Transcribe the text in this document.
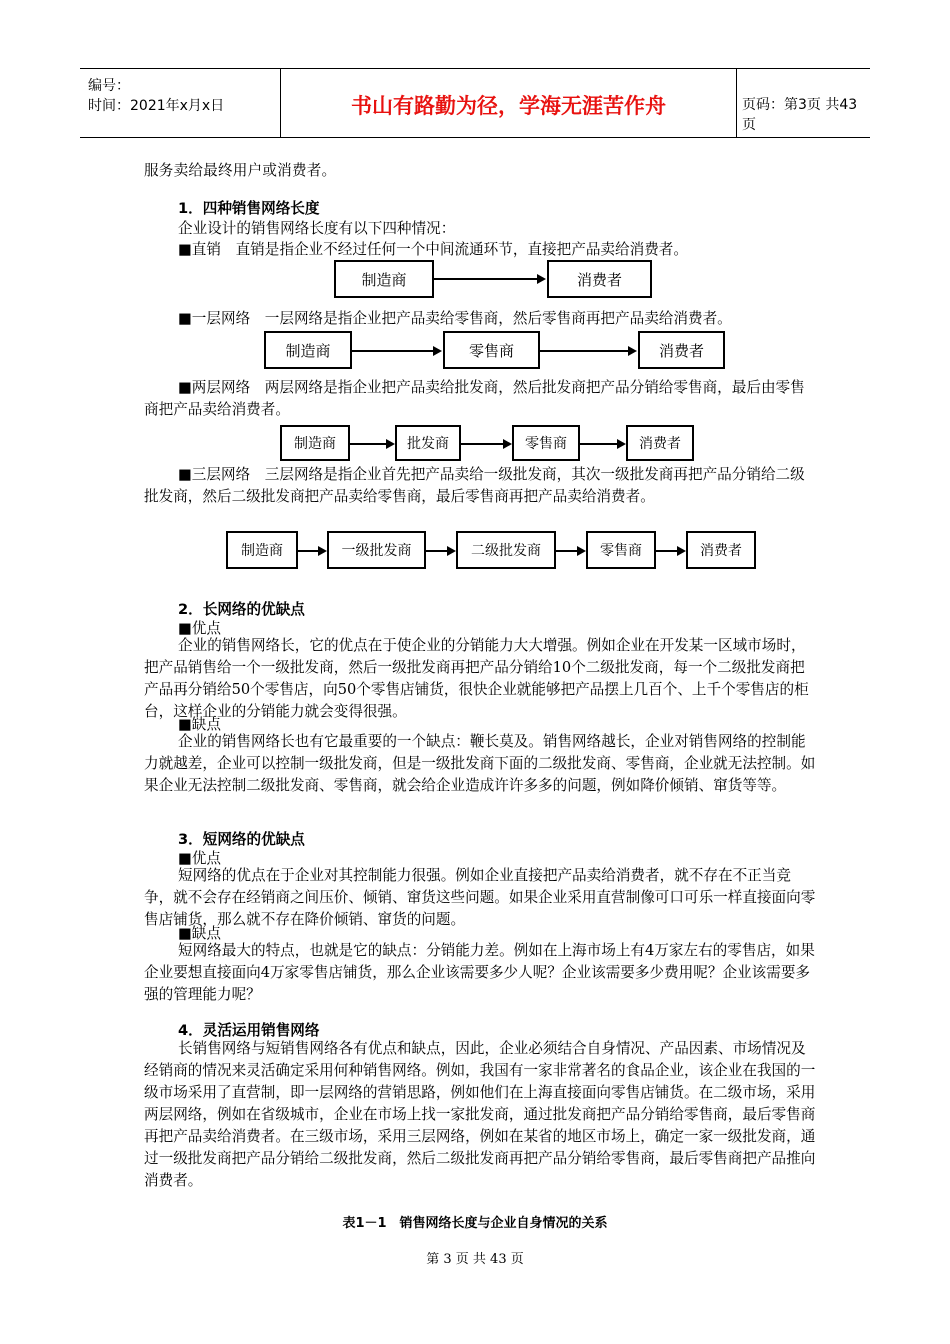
编号：
时间：2021年x月x日	书山有路勤为径，学海无涯苦作舟	页码：第3页 共43页
服务卖给最终用户或消费者。
1．四种销售网络长度
企业设计的销售网络长度有以下四种情况：
■直销　直销是指企业不经过任何一个中间流通环节，直接把产品卖给消费者。
制造商	消费者
■一层网络　一层网络是指企业把产品卖给零售商，然后零售商再把产品卖给消费者。
制造商	零售商	消费者
■两层网络　两层网络是指企业把产品卖给批发商，然后批发商把产品分销给零售商，最后由零售商把产品卖给消费者。
制造商	批发商	零售商	消费者
■三层网络　三层网络是指企业首先把产品卖给一级批发商，其次一级批发商再把产品分销给二级批发商，然后二级批发商把产品卖给零售商，最后零售商再把产品卖给消费者。
制造商	一级批发商	二级批发商	零售商	消费者
2．长网络的优缺点
■优点
企业的销售网络长，它的优点在于使企业的分销能力大大增强。例如企业在开发某一区域市场时，把产品销售给一个一级批发商，然后一级批发商再把产品分销给10个二级批发商，每一个二级批发商把产品再分销给50个零售店，向50个零售店铺货，很快企业就能够把产品摆上几百个、上千个零售店的柜台，这样企业的分销能力就会变得很强。
■缺点
企业的销售网络长也有它最重要的一个缺点：鞭长莫及。销售网络越长，企业对销售网络的控制能力就越差，企业可以控制一级批发商，但是一级批发商下面的二级批发商、零售商，企业就无法控制。如果企业无法控制二级批发商、零售商，就会给企业造成许许多多的问题，例如降价倾销、窜货等等。
3．短网络的优缺点
■优点
短网络的优点在于企业对其控制能力很强。例如企业直接把产品卖给消费者，就不存在不正当竞争，就不会存在经销商之间压价、倾销、窜货这些问题。如果企业采用直营制像可口可乐一样直接面向零售店铺货，那么就不存在降价倾销、窜货的问题。
■缺点
短网络最大的特点，也就是它的缺点：分销能力差。例如在上海市场上有4万家左右的零售店，如果企业要想直接面向4万家零售店铺货，那么企业该需要多少人呢？企业该需要多少费用呢？企业该需要多强的管理能力呢？
4．灵活运用销售网络
长销售网络与短销售网络各有优点和缺点，因此，企业必须结合自身情况、产品因素、市场情况及经销商的情况来灵活确定采用何种销售网络。例如，我国有一家非常著名的食品企业，该企业在我国的一级市场采用了直营制，即一层网络的营销思路，例如他们在上海直接面向零售店铺货。在二级市场，采用两层网络，例如在省级城市，企业在市场上找一家批发商，通过批发商把产品分销给零售商，最后零售商再把产品卖给消费者。在三级市场，采用三层网络，例如在某省的地区市场上，确定一家一级批发商，通过一级批发商把产品分销给二级批发商，然后二级批发商再把产品分销给零售商，最后零售商把产品推向消费者。
表1－1　销售网络长度与企业自身情况的关系
第 3 页 共 43 页
